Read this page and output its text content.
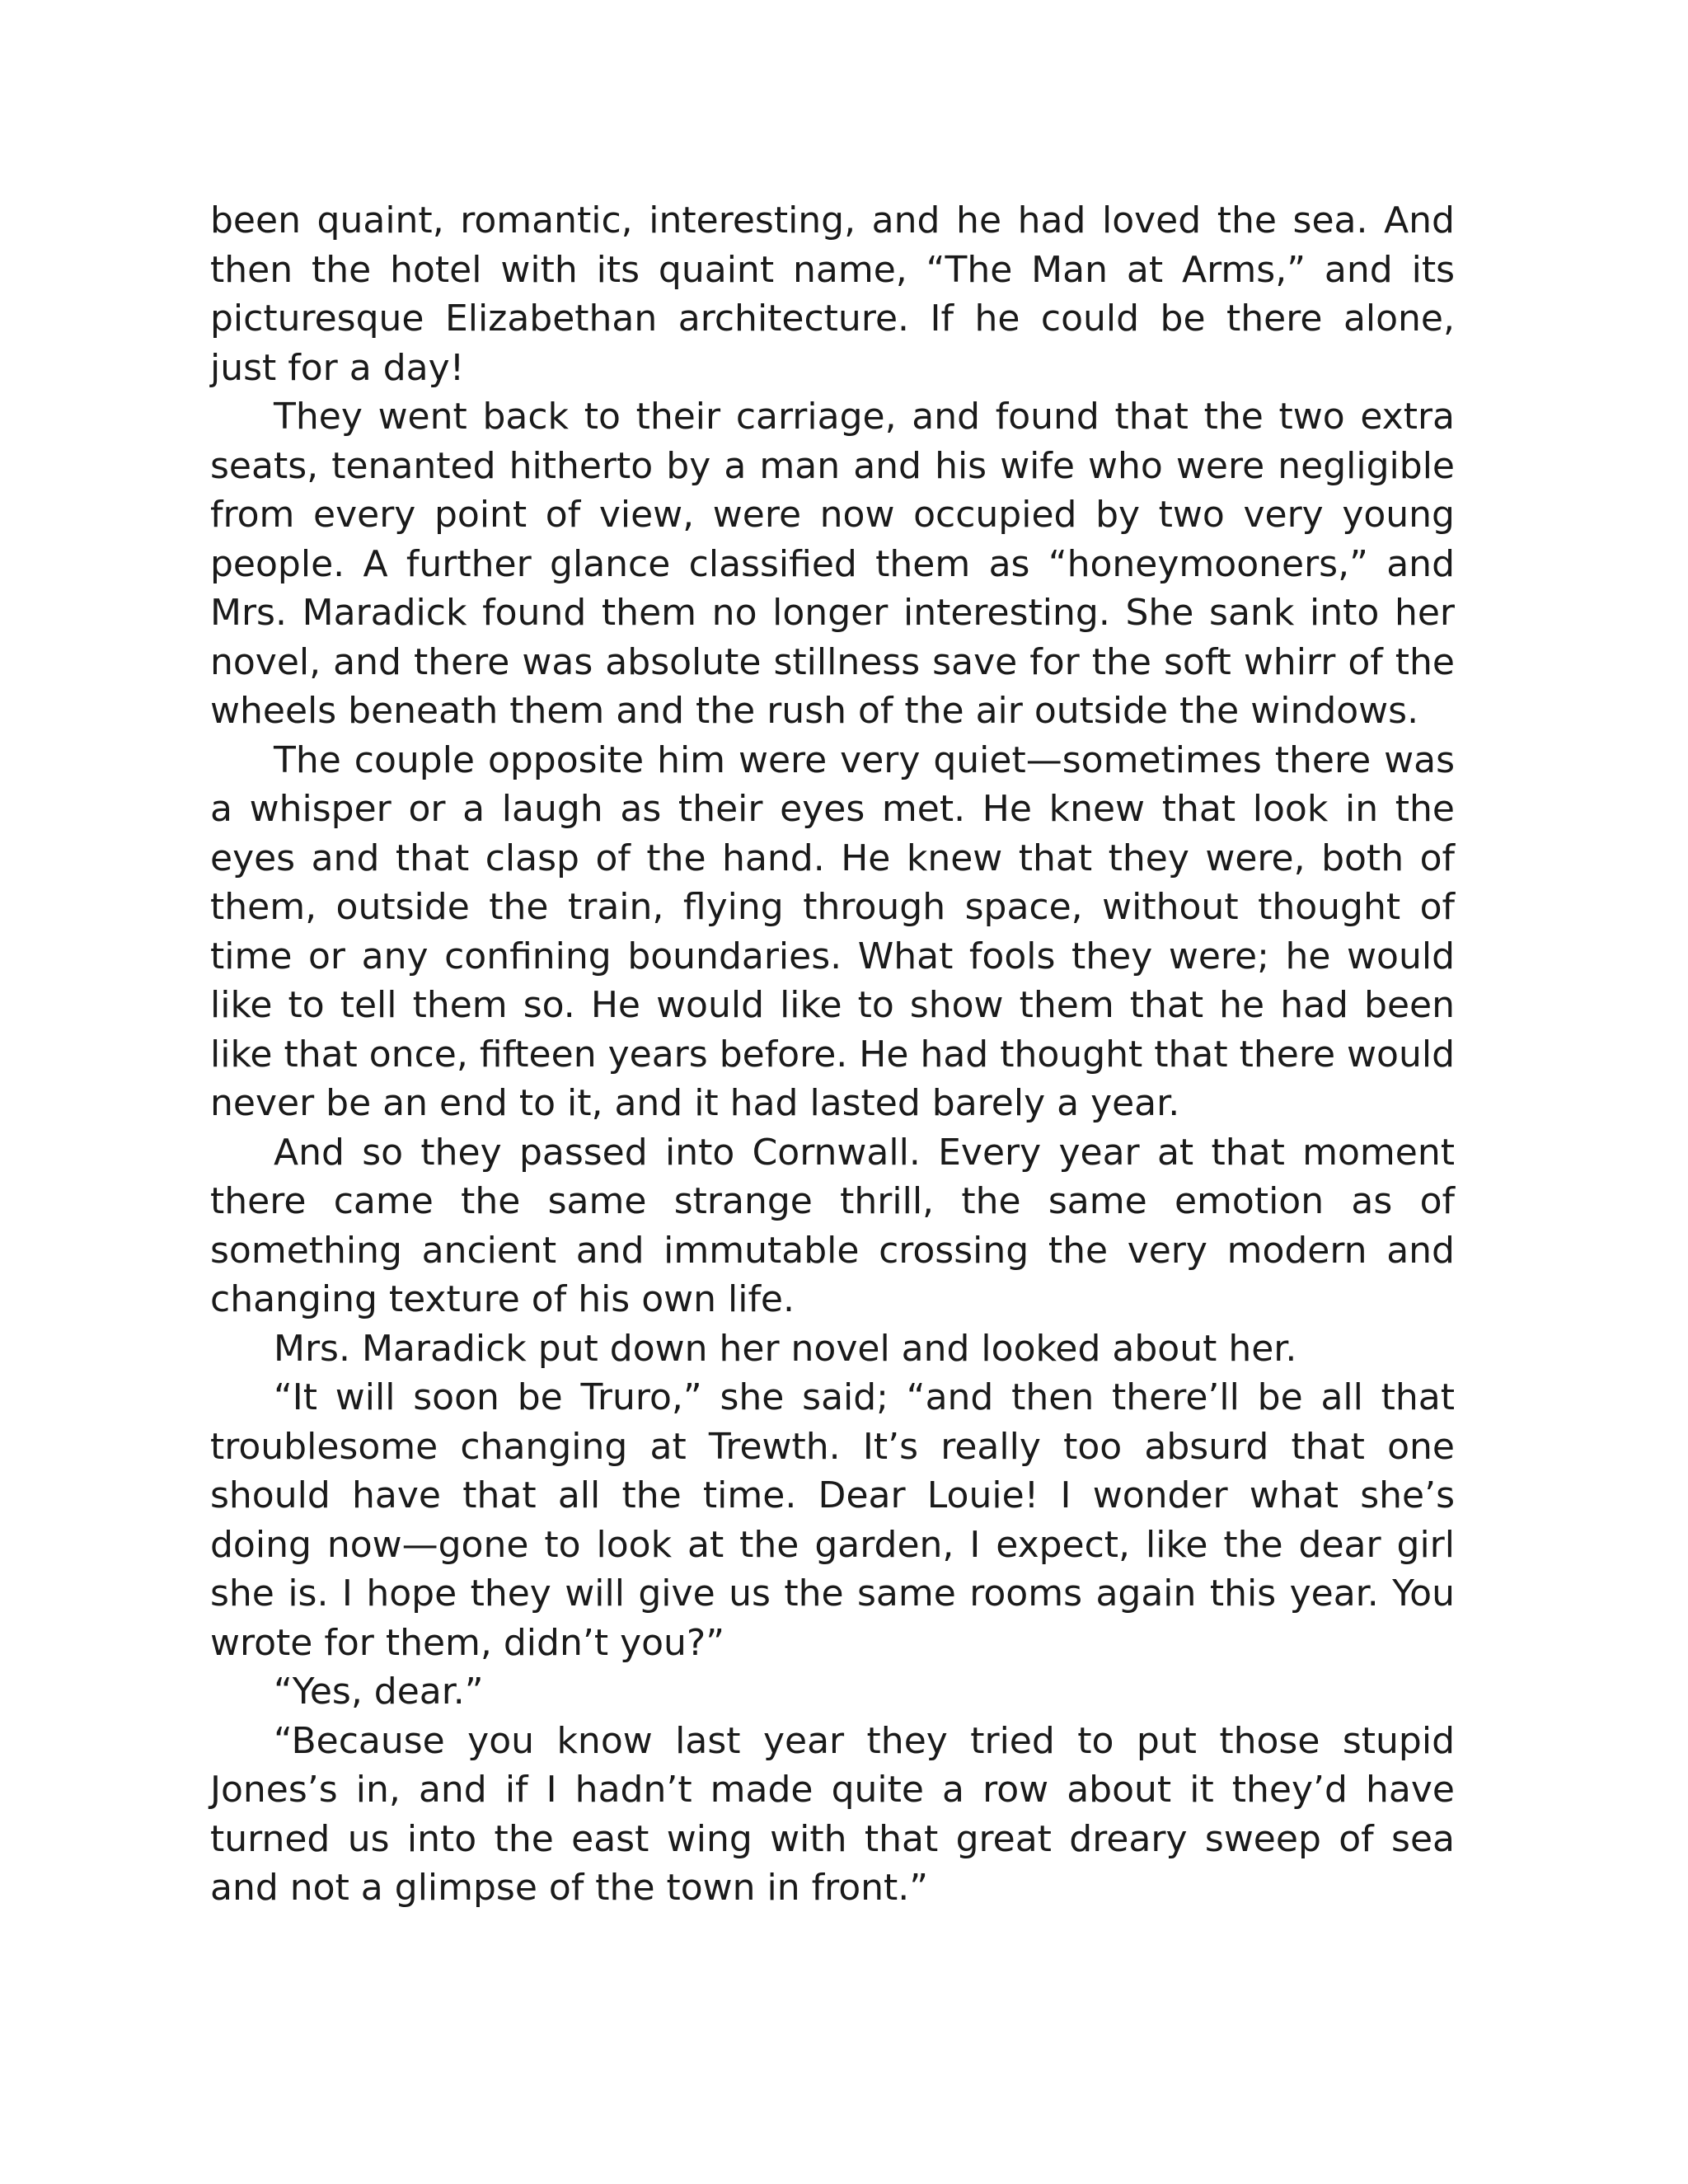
been quaint, romantic, interesting, and he had loved the sea. And then the hotel with its quaint name, “The Man at Arms,” and its picturesque Elizabethan architecture. If he could be there alone, just for a day!

They went back to their carriage, and found that the two extra seats, tenanted hitherto by a man and his wife who were negligible from every point of view, were now occupied by two very young people. A further glance classified them as “honeymooners,” and Mrs. Maradick found them no longer interesting. She sank into her novel, and there was absolute stillness save for the soft whirr of the wheels beneath them and the rush of the air outside the windows.

The couple opposite him were very quiet—sometimes there was a whisper or a laugh as their eyes met. He knew that look in the eyes and that clasp of the hand. He knew that they were, both of them, outside the train, flying through space, without thought of time or any confining boundaries. What fools they were; he would like to tell them so. He would like to show them that he had been like that once, fifteen years before. He had thought that there would never be an end to it, and it had lasted barely a year.

And so they passed into Cornwall. Every year at that moment there came the same strange thrill, the same emotion as of something ancient and immutable crossing the very modern and changing texture of his own life.

Mrs. Maradick put down her novel and looked about her.

“It will soon be Truro,” she said; “and then there’ll be all that troublesome changing at Trewth. It’s really too absurd that one should have that all the time. Dear Louie! I wonder what she’s doing now—gone to look at the garden, I expect, like the dear girl she is. I hope they will give us the same rooms again this year. You wrote for them, didn’t you?”

“Yes, dear.”

“Because you know last year they tried to put those stupid Jones’s in, and if I hadn’t made quite a row about it they’d have turned us into the east wing with that great dreary sweep of sea and not a glimpse of the town in front.”
